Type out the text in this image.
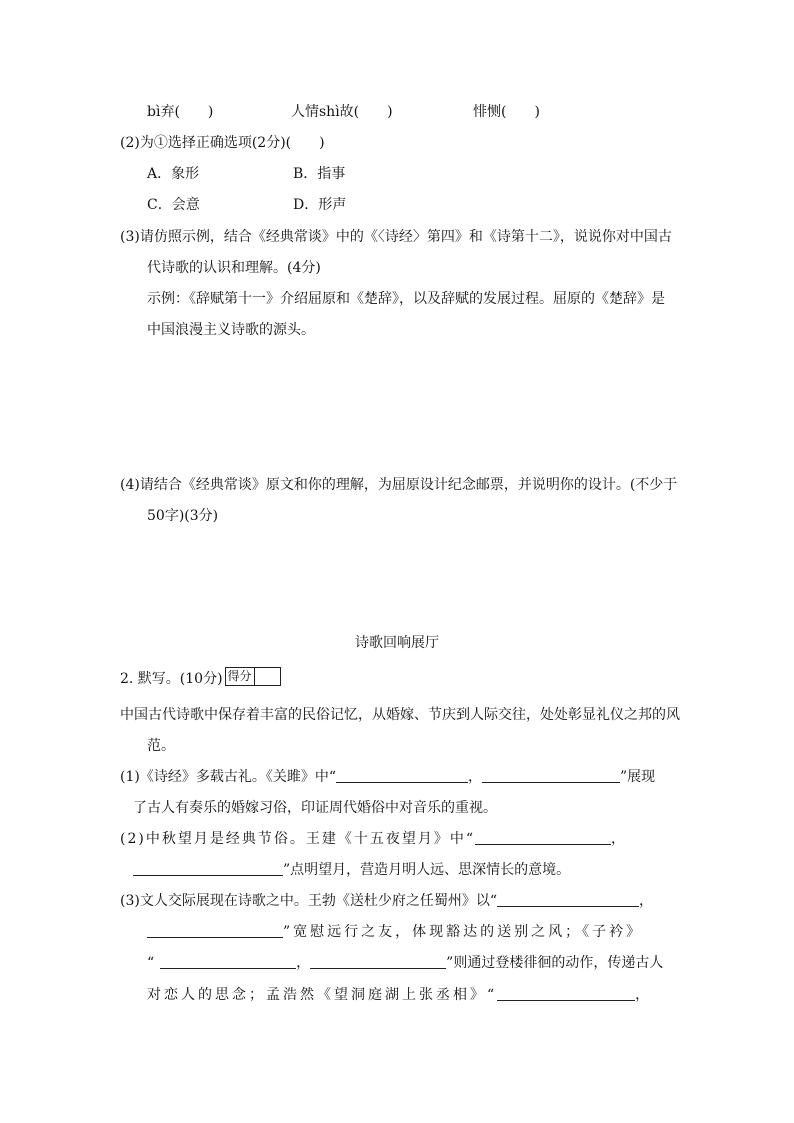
bì弃(　　)	人情shì故(　　)	悱恻(　　)
(2)为①选择正确选项(2分)(　　)
A．象形	B．指事
C．会意	D．形声
(3)请仿照示例，结合《经典常谈》中的《〈诗经〉第四》和《诗第十二》，说说你对中国古
代诗歌的认识和理解。(4分)
示例：《辞赋第十一》介绍屈原和《楚辞》，以及辞赋的发展过程。屈原的《楚辞》是
中国浪漫主义诗歌的源头。
(4)请结合《经典常谈》原文和你的理解，为屈原设计纪念邮票，并说明你的设计。(不少于
50字)(3分)
诗歌回响展厅
2. 默写。(10分) 得分
中国古代诗歌中保存着丰富的民俗记忆，从婚嫁、节庆到人际交往，处处彰显礼仪之邦的风
范。
(1)《诗经》多载古礼。《关雎》中“	，	”展现
了古人有奏乐的婚嫁习俗，印证周代婚俗中对音乐的重视。
(2)中秋望月是经典节俗。王建《十五夜望月》中“	，
”点明望月，营造月明人远、思深情长的意境。
(3)文人交际展现在诗歌之中。王勃《送杜少府之任蜀州》以“	，
”宽慰远行之友，体现豁达的送别之风；《子衿》
“	，	”则通过登楼徘徊的动作，传递古人
对恋人的思念；孟浩然《望洞庭湖上张丞相》“	，
